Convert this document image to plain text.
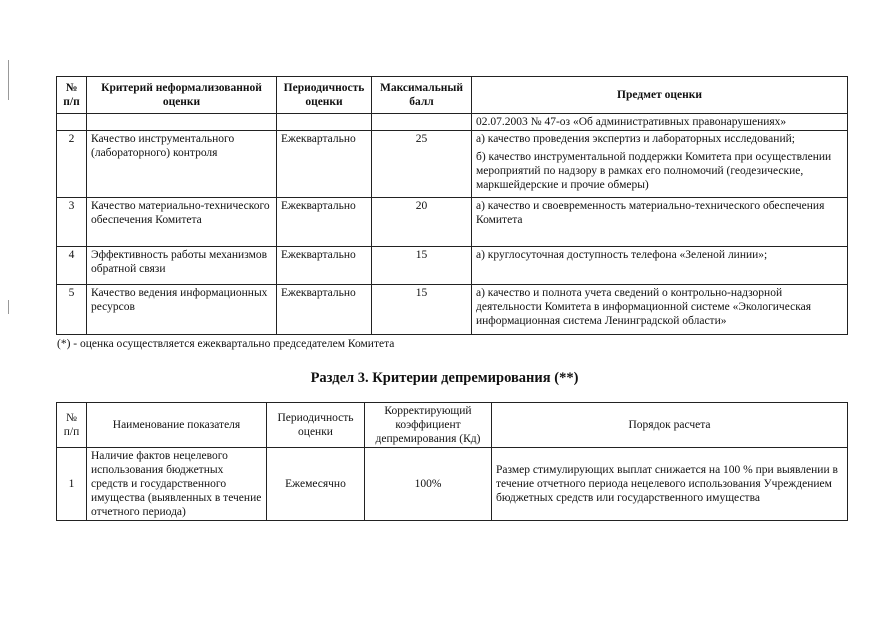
№ п/п	Критерий неформализованной оценки	Периодичность оценки	Максимальный балл	Предмет оценки
				02.07.2003 № 47-оз «Об административных правонарушениях»
2	Качество инструментального (лабораторного) контроля	Ежеквартально	25	а) качество проведения экспертиз и лабораторных исследований;

б) качество инструментальной поддержки Комитета при осуществлении мероприятий по надзору в рамках его полномочий (геодезические, маркшейдерские и прочие обмеры)

3	Качество материально-технического обеспечения Комитета	Ежеквартально	20	а) качество и своевременность материально-технического обеспечения Комитета

4	Эффективность работы механизмов обратной связи	Ежеквартально	15	а) круглосуточная доступность телефона «Зеленой линии»;

5	Качество ведения информационных ресурсов	Ежеквартально	15	а) качество и полнота учета сведений о контрольно-надзорной деятельности Комитета в информационной системе «Экологическая информационная система Ленинградской области»

(*) - оценка осуществляется ежеквартально председателем Комитета
Раздел 3. Критерии депремирования (**)
№ п/п	Наименование показателя	Периодичность оценки	Корректирующий коэффициент депремирования (Кд)	Порядок расчета
1	Наличие фактов нецелевого использования бюджетных средств и государственного имущества (выявленных в течение отчетного периода)	Ежемесячно	100%	Размер стимулирующих выплат снижается на 100 % при выявлении в течение отчетного периода нецелевого использования Учреждением бюджетных средств или государственного имущества
